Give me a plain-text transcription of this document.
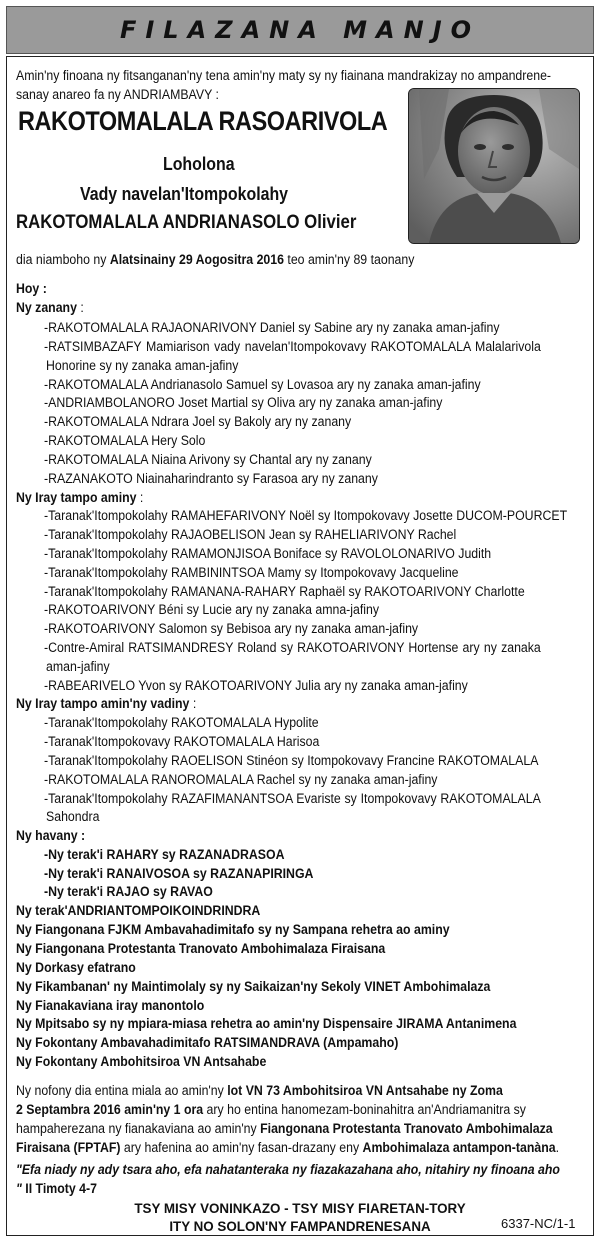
FILAZANA MANJO

Amin'ny finoana ny fitsanganan'ny tena amin'ny maty sy ny fiainana mandrakizay no ampandrene-

sanay anareo fa ny ANDRIAMBAVY :

RAKOTOMALALA RASOARIVOLA
Loholona
Vady navelan'Itompokolahy
RAKOTOMALALA ANDRIANASOLO Olivier

dia niamboho ny Alatsinainy 29 Aogositra 2016 teo amin'ny 89 taonany

Hoy :

Ny zanany :

-RAKOTOMALALA RAJAONARIVONY Daniel sy Sabine ary ny zanaka aman-jafiny

-RATSIMBAZAFY Mamiarison vady navelan'Itompokovavy RAKOTOMALALA Malalarivola

Honorine sy ny zanaka aman-jafiny

-RAKOTOMALALA Andrianasolo Samuel sy Lovasoa ary ny zanaka aman-jafiny

-ANDRIAMBOLANORO Joset Martial sy Oliva ary ny zanaka aman-jafiny

-RAKOTOMALALA Ndrara Joel sy Bakoly ary ny zanany

-RAKOTOMALALA Hery Solo

-RAKOTOMALALA Niaina Arivony sy Chantal ary ny zanany

-RAZANAKOTO Niainaharindranto sy Farasoa ary ny zanany

Ny Iray tampo aminy :

-Taranak'Itompokolahy RAMAHEFARIVONY Noël sy Itompokovavy Josette DUCOM-POURCET

-Taranak'Itompokolahy RAJAOBELISON Jean sy RAHELIARIVONY Rachel

-Taranak'Itompokolahy RAMAMONJISOA Boniface sy RAVOLOLONARIVO Judith

-Taranak'Itompokolahy RAMBININTSOA Mamy sy Itompokovavy Jacqueline

-Taranak'Itompokolahy RAMANANA-RAHARY Raphaël sy RAKOTOARIVONY Charlotte

-RAKOTOARIVONY Béni sy Lucie ary ny zanaka amna-jafiny

-RAKOTOARIVONY Salomon sy Bebisoa ary ny zanaka aman-jafiny

-Contre-Amiral RATSIMANDRESY Roland sy RAKOTOARIVONY Hortense ary ny zanaka

aman-jafiny

-RABEARIVELO Yvon sy RAKOTOARIVONY Julia ary ny zanaka aman-jafiny

Ny Iray tampo amin'ny vadiny :

-Taranak'Itompokolahy RAKOTOMALALA Hypolite

-Taranak'Itompokovavy RAKOTOMALALA Harisoa

-Taranak'Itompokolahy RAOELISON Stinéon sy Itompokovavy Francine RAKOTOMALALA

-RAKOTOMALALA RANOROMALALA Rachel sy ny zanaka aman-jafiny

-Taranak'Itompokolahy RAZAFIMANANTSOA Evariste sy Itompokovavy RAKOTOMALALA

Sahondra

Ny havany :

-Ny terak'i RAHARY sy RAZANADRASOA

-Ny terak'i RANAIVOSOA sy RAZANAPIRINGA

-Ny terak'i RAJAO sy RAVAO

Ny terak'ANDRIANTOMPOIKOINDRINDRA

Ny Fiangonana FJKM Ambavahadimitafo sy ny Sampana rehetra ao aminy

Ny Fiangonana Protestanta Tranovato Ambohimalaza Firaisana

Ny Dorkasy efatrano

Ny Fikambanan' ny Maintimolaly sy ny Saikaizan'ny Sekoly VINET Ambohimalaza

Ny Fianakaviana iray manontolo

Ny Mpitsabo sy ny mpiara-miasa rehetra ao amin'ny Dispensaire JIRAMA Antanimena

Ny Fokontany Ambavahadimitafo RATSIMANDRAVA (Ampamaho)

Ny Fokontany Ambohitsiroa VN Antsahabe

Ny nofony dia entina miala ao amin'ny lot VN 73 Ambohitsiroa VN Antsahabe ny Zoma

2 Septambra 2016 amin'ny 1 ora ary ho entina hanomezam-boninahitra an'Andriamanitra sy

hampaherezana ny fianakaviana ao amin'ny Fiangonana Protestanta Tranovato Ambohimalaza

Firaisana (FPTAF) ary hafenina ao amin'ny fasan-drazany eny Ambohimalaza antampon-tanàna.

"Efa niady ny ady tsara aho, efa nahatanteraka ny fiazakazahana aho, nitahiry ny finoana aho

" II Timoty 4-7

TSY MISY VONINKAZO - TSY MISY FIARETAN-TORY

ITY NO SOLON'NY FAMPANDRENESANA	6337-NC/1-1
